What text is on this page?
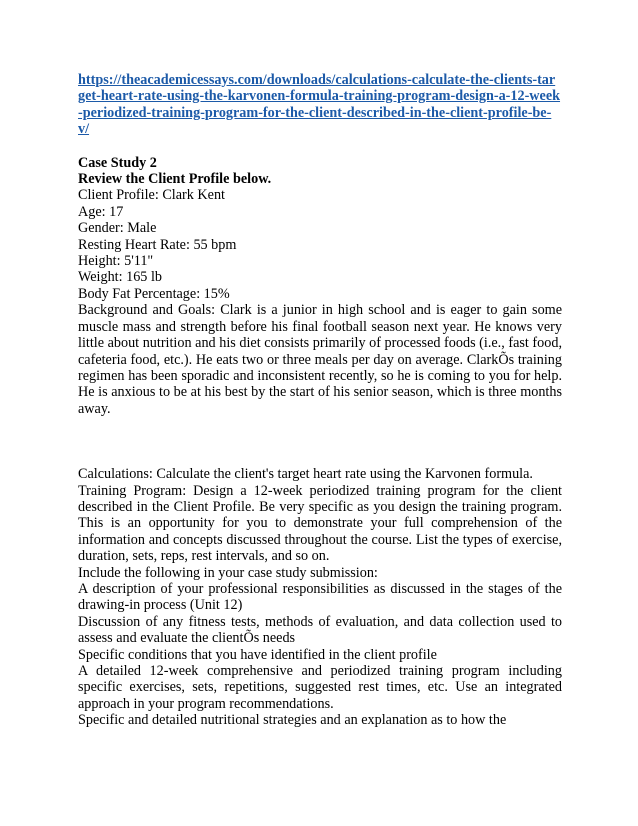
https://theacademicessays.com/downloads/calculations-calculate-the-clients-target-heart-rate-using-the-karvonen-formula-training-program-design-a-12-week-periodized-training-program-for-the-client-described-in-the-client-profile-be-v/

Case Study 2

Review the Client Profile below.

Client Profile: Clark Kent

Age: 17

Gender: Male

Resting Heart Rate: 55 bpm

Height: 5'11"

Weight: 165 lb

Body Fat Percentage: 15%

Background and Goals: Clark is a junior in high school and is eager to gain some muscle mass and strength before his final football season next year. He knows very little about nutrition and his diet consists primarily of processed foods (i.e., fast food, cafeteria food, etc.). He eats two or three meals per day on average. ClarkÕs training regimen has been sporadic and inconsistent recently, so he is coming to you for help. He is anxious to be at his best by the start of his senior season, which is three months away.

Calculations: Calculate the client's target heart rate using the Karvonen formula.

Training Program: Design a 12-week periodized training program for the client described in the Client Profile. Be very specific as you design the training program. This is an opportunity for you to demonstrate your full comprehension of the information and concepts discussed throughout the course. List the types of exercise, duration, sets, reps, rest intervals, and so on.

Include the following in your case study submission:

A description of your professional responsibilities as discussed in the stages of the drawing-in process (Unit 12)

Discussion of any fitness tests, methods of evaluation, and data collection used to assess and evaluate the clientÕs needs

Specific conditions that you have identified in the client profile

A detailed 12-week comprehensive and periodized training program including specific exercises, sets, repetitions, suggested rest times, etc. Use an integrated approach in your program recommendations.

Specific and detailed nutritional strategies and an explanation as to how the
